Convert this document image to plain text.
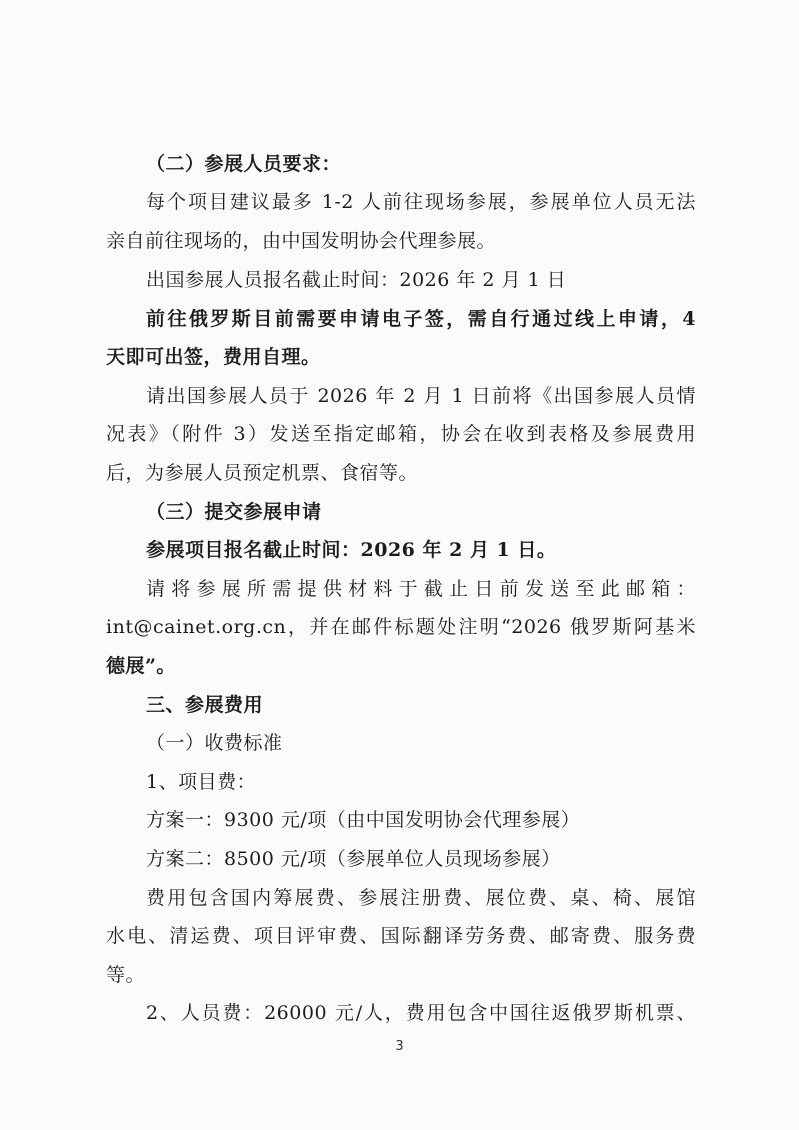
（二）参展人员要求：
每个项目建议最多 1-2 人前往现场参展，参展单位人员无法
亲自前往现场的，由中国发明协会代理参展。
出国参展人员报名截止时间：2026 年 2 月 1 日
前往俄罗斯目前需要申请电子签，需自行通过线上申请，4
天即可出签，费用自理。
请出国参展人员于 2026 年 2 月 1 日前将《出国参展人员情
况表》（附件 3）发送至指定邮箱，协会在收到表格及参展费用
后，为参展人员预定机票、食宿等。
（三）提交参展申请
参展项目报名截止时间：2026 年 2 月 1 日。
请将参展所需提供材料于截止日前发送至此邮箱：
int@cainet.org.cn，并在邮件标题处注明“2026 俄罗斯阿基米
德展”。
三、参展费用
（一）收费标准
1、项目费：
方案一：9300 元/项（由中国发明协会代理参展）
方案二：8500 元/项（参展单位人员现场参展）
费用包含国内筹展费、参展注册费、展位费、桌、椅、展馆
水电、清运费、项目评审费、国际翻译劳务费、邮寄费、服务费
等。
2、人员费：26000 元/人，费用包含中国往返俄罗斯机票、
3
